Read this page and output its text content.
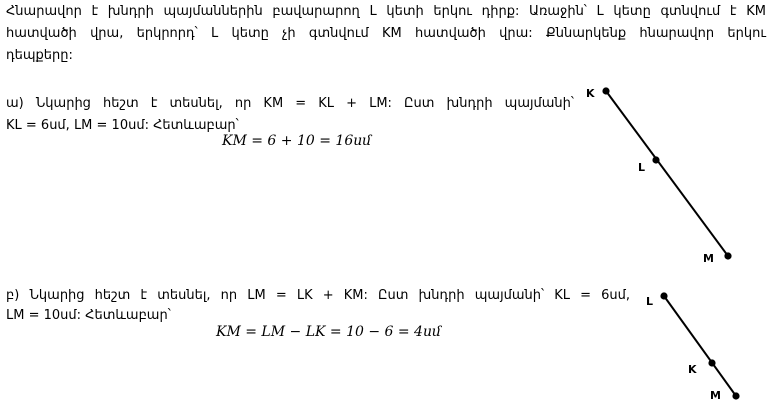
Հնարավոր է խնդրի պայմաններին բավարարող L կետի երկու դիրք: Առաջին՝ L կետը գտնվում է KM
հատվածի վրա, երկրորդ՝ L կետը չի գտնվում KM հատվածի վրա: Քննարկենք հնարավոր երկու
դեպքերը:
ա) Նկարից հեշտ է տեսնել, որ KM = KL + LM: Ըստ խնդրի պայմանի՝
KL = 6սմ, LM = 10սմ: Հետևաբար՝
KM = 6 + 10 = 16սմ
բ) Նկարից հեշտ է տեսնել, որ LM = LK + KM: Ըստ խնդրի պայմանի՝ KL = 6սմ,
LM = 10սմ: Հետևաբար՝
KM = LM − LK = 10 − 6 = 4սմ
K
L
M
L
K
M
